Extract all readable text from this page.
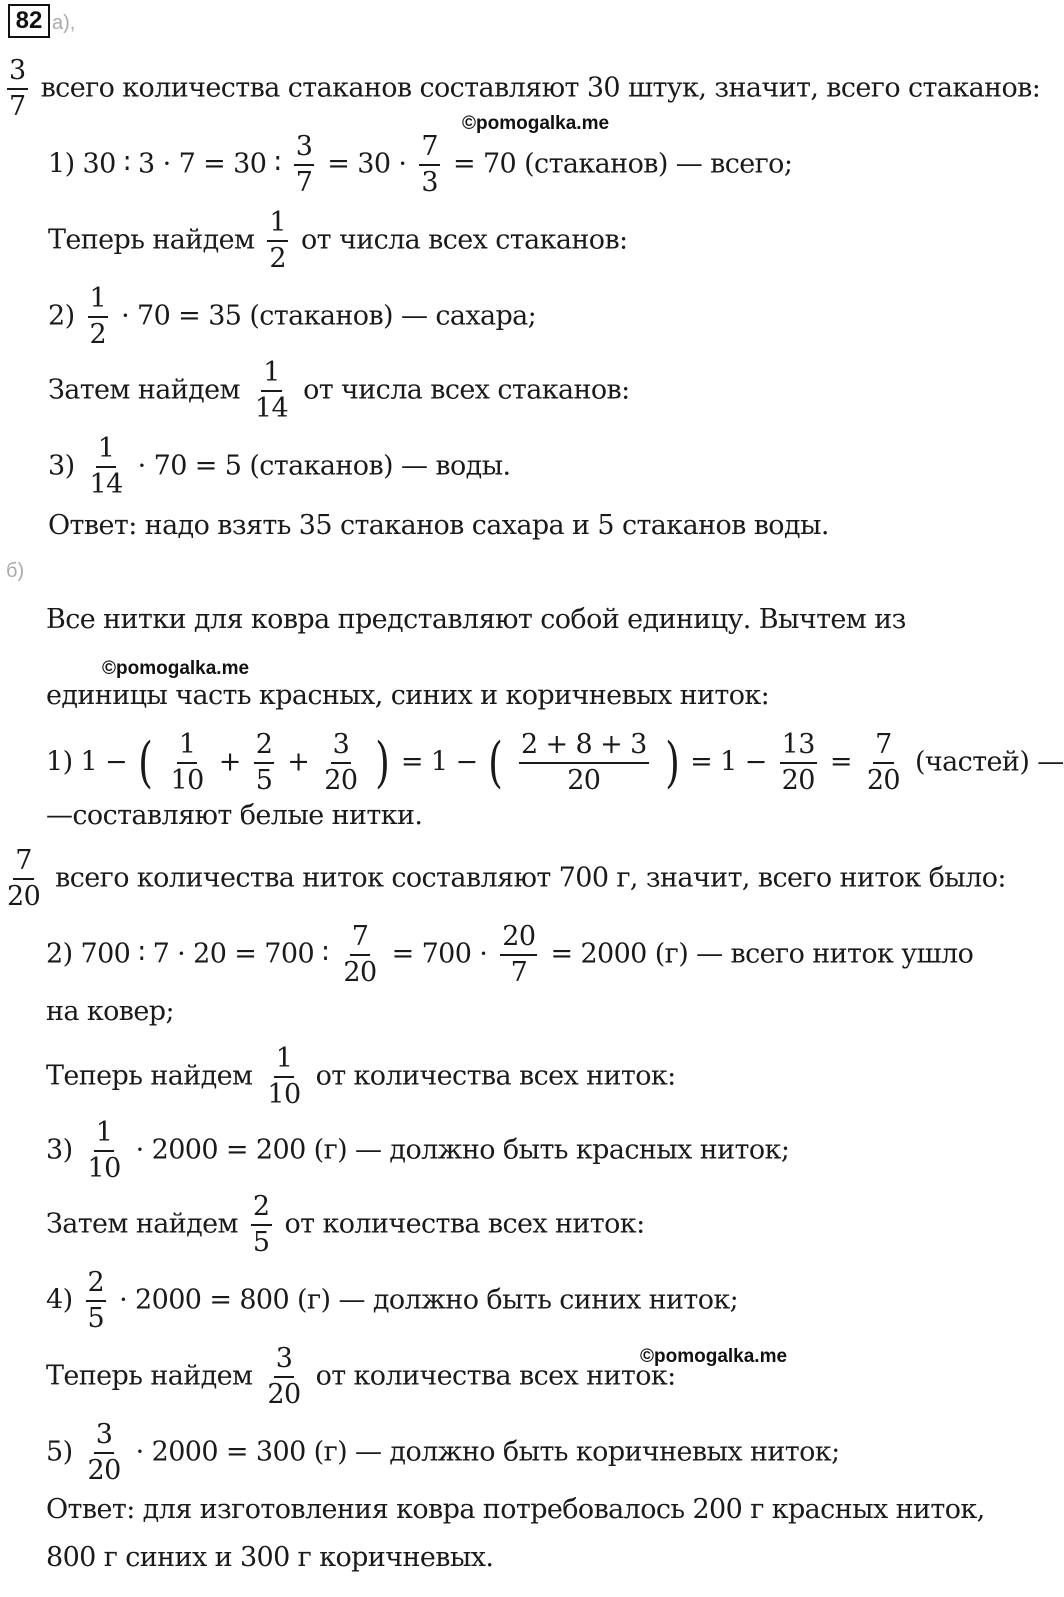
82 а),
$\frac{3}{7}$ всего количества стаканов составляют 30 штук, значит, всего стаканов:
©pomogalka.me
1) 30 ∶ 3 · 7 = 30 ∶ $\frac{3}{7} = 30 \cdot \frac{7}{3} = 70$ (стаканов) — всего;
Теперь найдем $\frac{1}{2}$ от числа всех стаканов:
$2) \frac{1}{2} \cdot 70 = 35$ (стаканов) — сахара;
Затем найдем $\frac{1}{14}$ от числа всех стаканов:
$3) \frac{1}{14} \cdot 70 = 5$ (стаканов) — воды.
Ответ: надо взять 35 стаканов сахара и 5 стаканов воды.
б)
Все нитки для ковра представляют собой единицу. Вычтем из
©pomogalka.me
единицы часть красных, синих и коричневых ниток:
1) 1 − ( $\frac{1}{10} + \frac{2}{5} + \frac{3}{20}$ ) = 1 − ( $\frac{2 + 8 + 3}{20}$ ) = $1 - \frac{13}{20} = \frac{7}{20}$ (частей) —
—составляют белые нитки.
$\frac{7}{20}$ всего количества ниток составляют 700 г, значит, всего ниток было:
2) 700 ∶ 7 · 20 = 700 ∶ $\frac{7}{20} = 700 \cdot \frac{20}{7} = 2000$ (г) — всего ниток ушло
на ковер;
Теперь найдем $\frac{1}{10}$ от количества всех ниток:
$3) \frac{1}{10} \cdot 2000 = 200$ (г) — должно быть красных ниток;
Затем найдем $\frac{2}{5}$ от количества всех ниток:
$4) \frac{2}{5} \cdot 2000 = 800$ (г) — должно быть синих ниток;
©pomogalka.me
Теперь найдем $\frac{3}{20}$ от количества всех ниток:
$5) \frac{3}{20} \cdot 2000 = 300$ (г) — должно быть коричневых ниток;
Ответ: для изготовления ковра потребовалось 200 г красных ниток,
800 г синих и 300 г коричневых.
